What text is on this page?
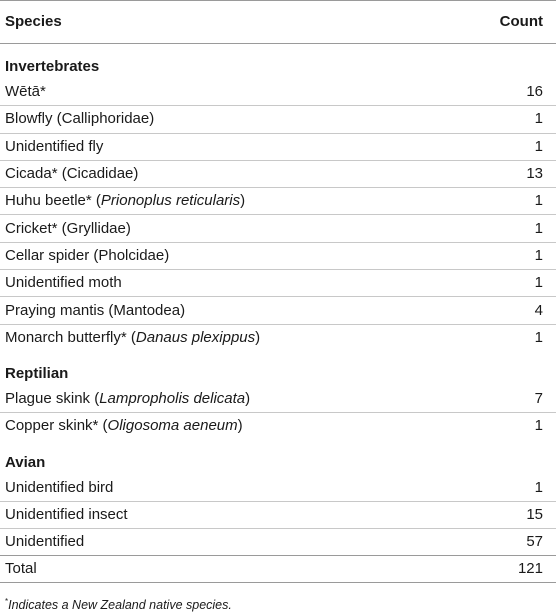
Species	Count
Invertebrates	
Wētā*	16
Blowfly (Calliphoridae)	1
Unidentified fly	1
Cicada* (Cicadidae)	13
Huhu beetle* (Prionoplus reticularis)	1
Cricket* (Gryllidae)	1
Cellar spider (Pholcidae)	1
Unidentified moth	1
Praying mantis (Mantodea)	4
Monarch butterfly* (Danaus plexippus)	1
Reptilian	
Plague skink (Lampropholis delicata)	7
Copper skink* (Oligosoma aeneum)	1
Avian	
Unidentified bird	1
Unidentified insect	15
Unidentified	57
Total	121

*Indicates a New Zealand native species.
